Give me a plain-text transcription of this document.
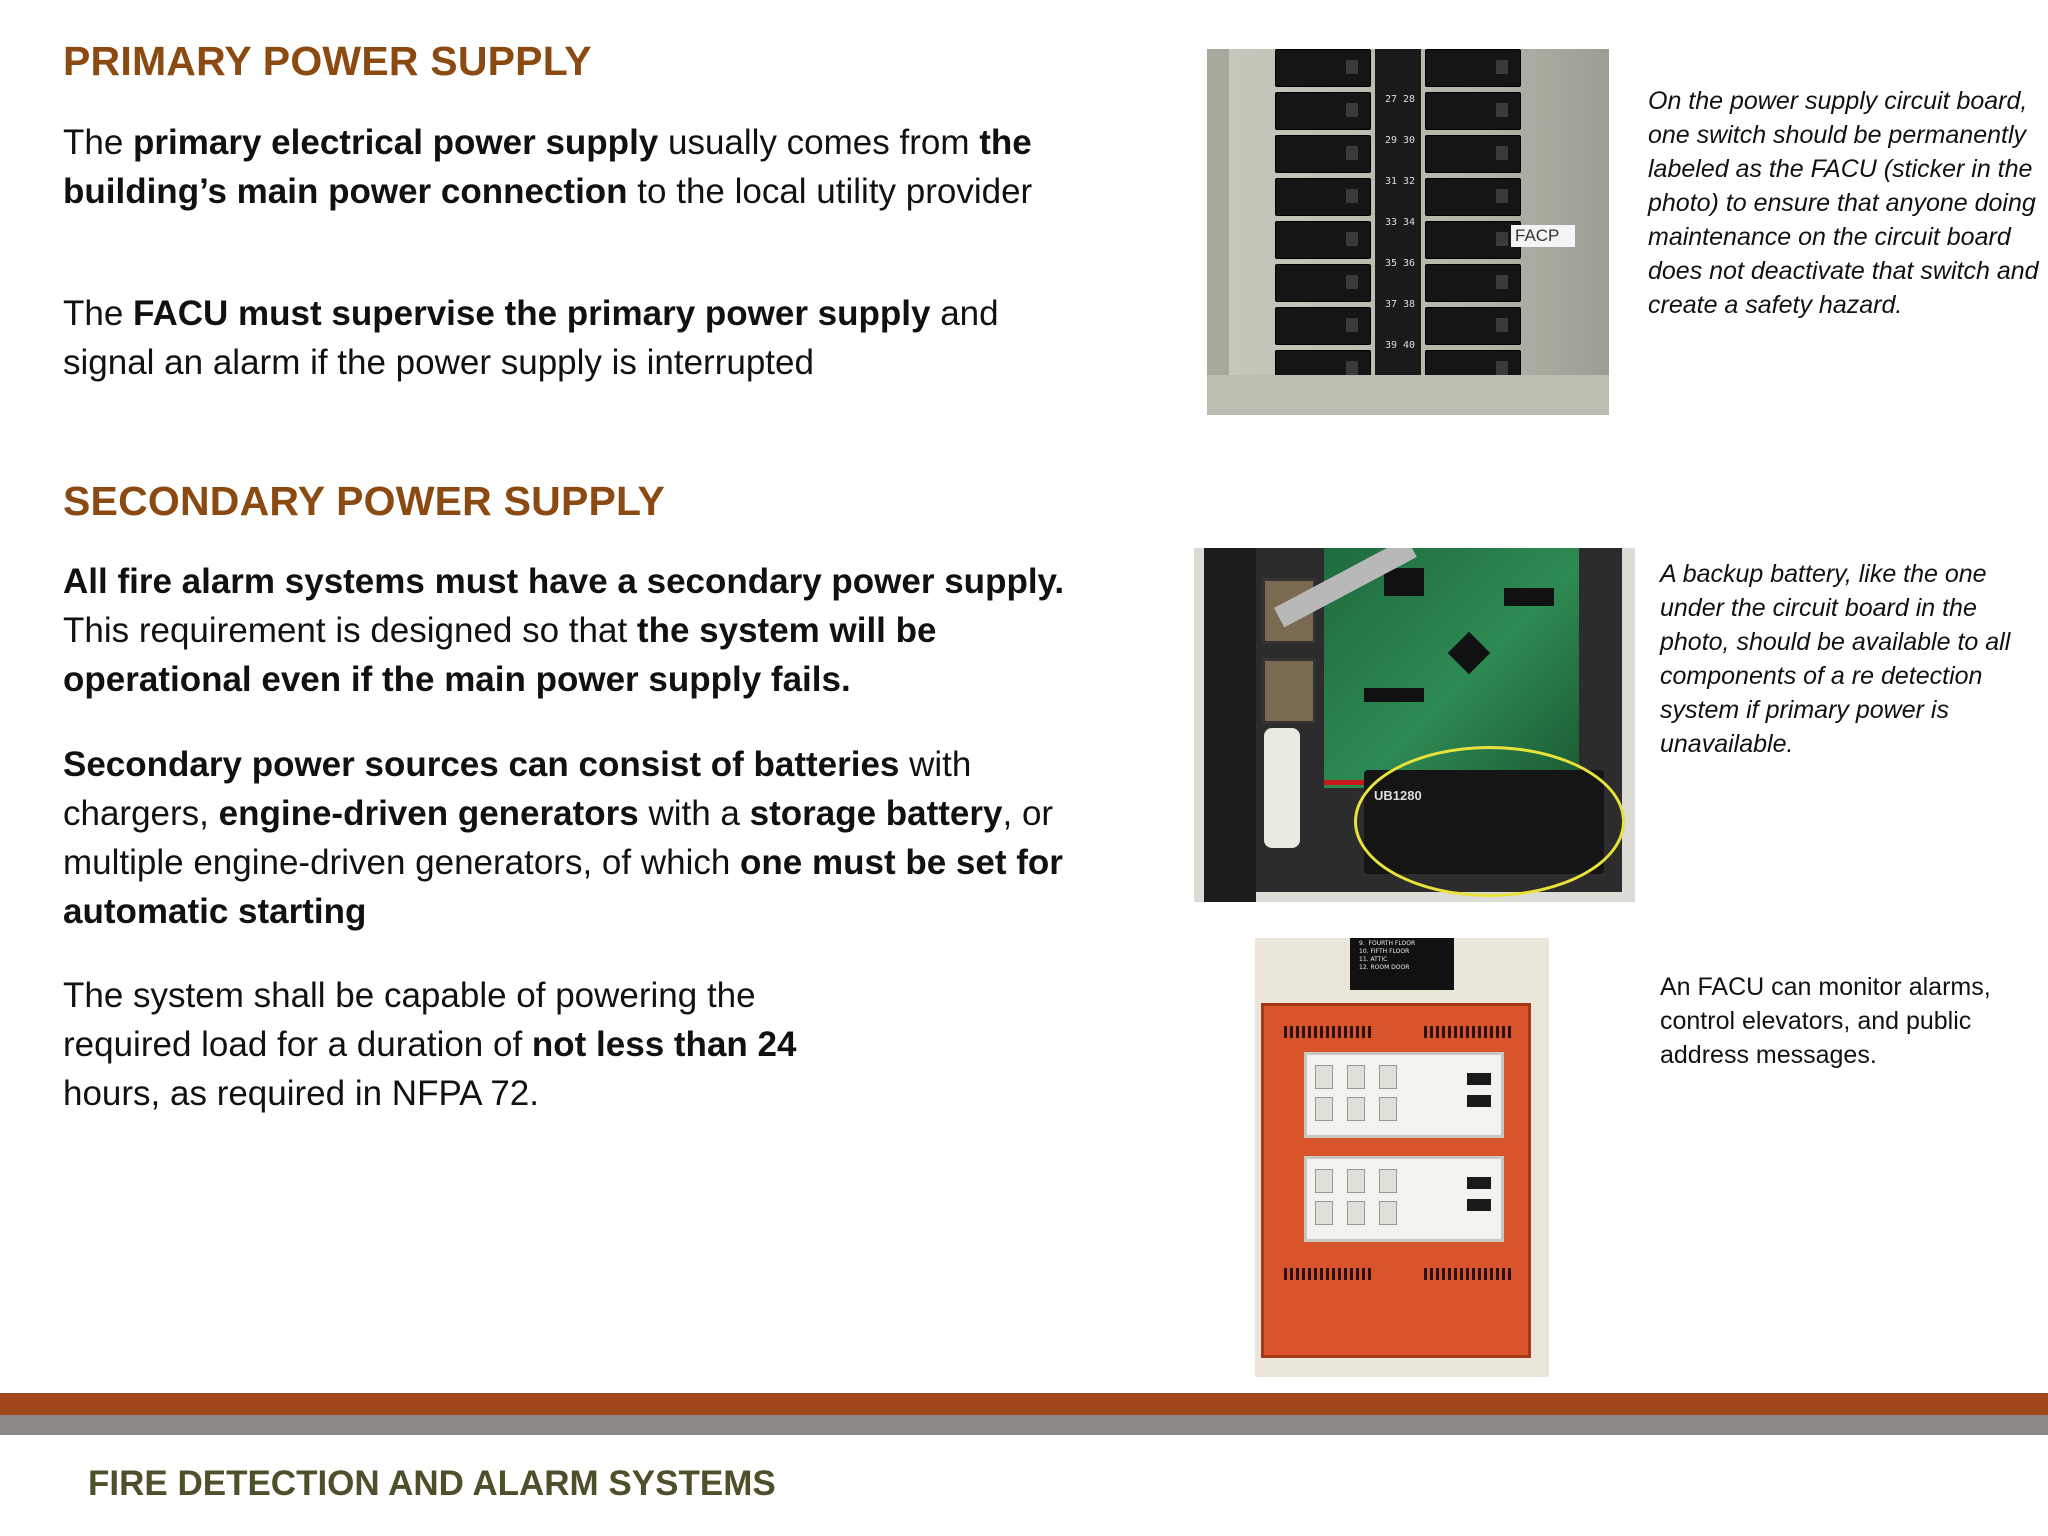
PRIMARY POWER SUPPLY

The primary electrical power supply usually comes from the building’s main power connection to the local utility provider

The FACU must supervise the primary power supply and signal an alarm if the power supply is interrupted

SECONDARY POWER SUPPLY

All fire alarm systems must have a secondary power supply. This requirement is designed so that the system will be operational even if the main power supply fails.

Secondary power sources can consist of batteries with chargers, engine-driven generators with a storage battery, or multiple engine-driven generators, of which one must be set for automatic starting

The system shall be capable of powering the required load for a duration of not less than 24 hours, as required in NFPA 72.

27 28
29 30
31 32
33 34
35 36
37 38
39 40
FACP

On the power supply circuit board, one switch should be permanently labeled as the FACU (sticker in the photo) to ensure that anyone doing maintenance on the circuit board does not deactivate that switch and create a safety hazard.

UB1280

A backup battery, like the one under the circuit board in the photo, should be available to all components of a re detection system if primary power is unavailable.

9.  FOURTH FLOOR
10. FIFTH FLOOR
11. ATTIC
12. ROOM DOOR

An FACU can monitor alarms, control elevators, and public address messages.

FIRE DETECTION AND ALARM SYSTEMS
